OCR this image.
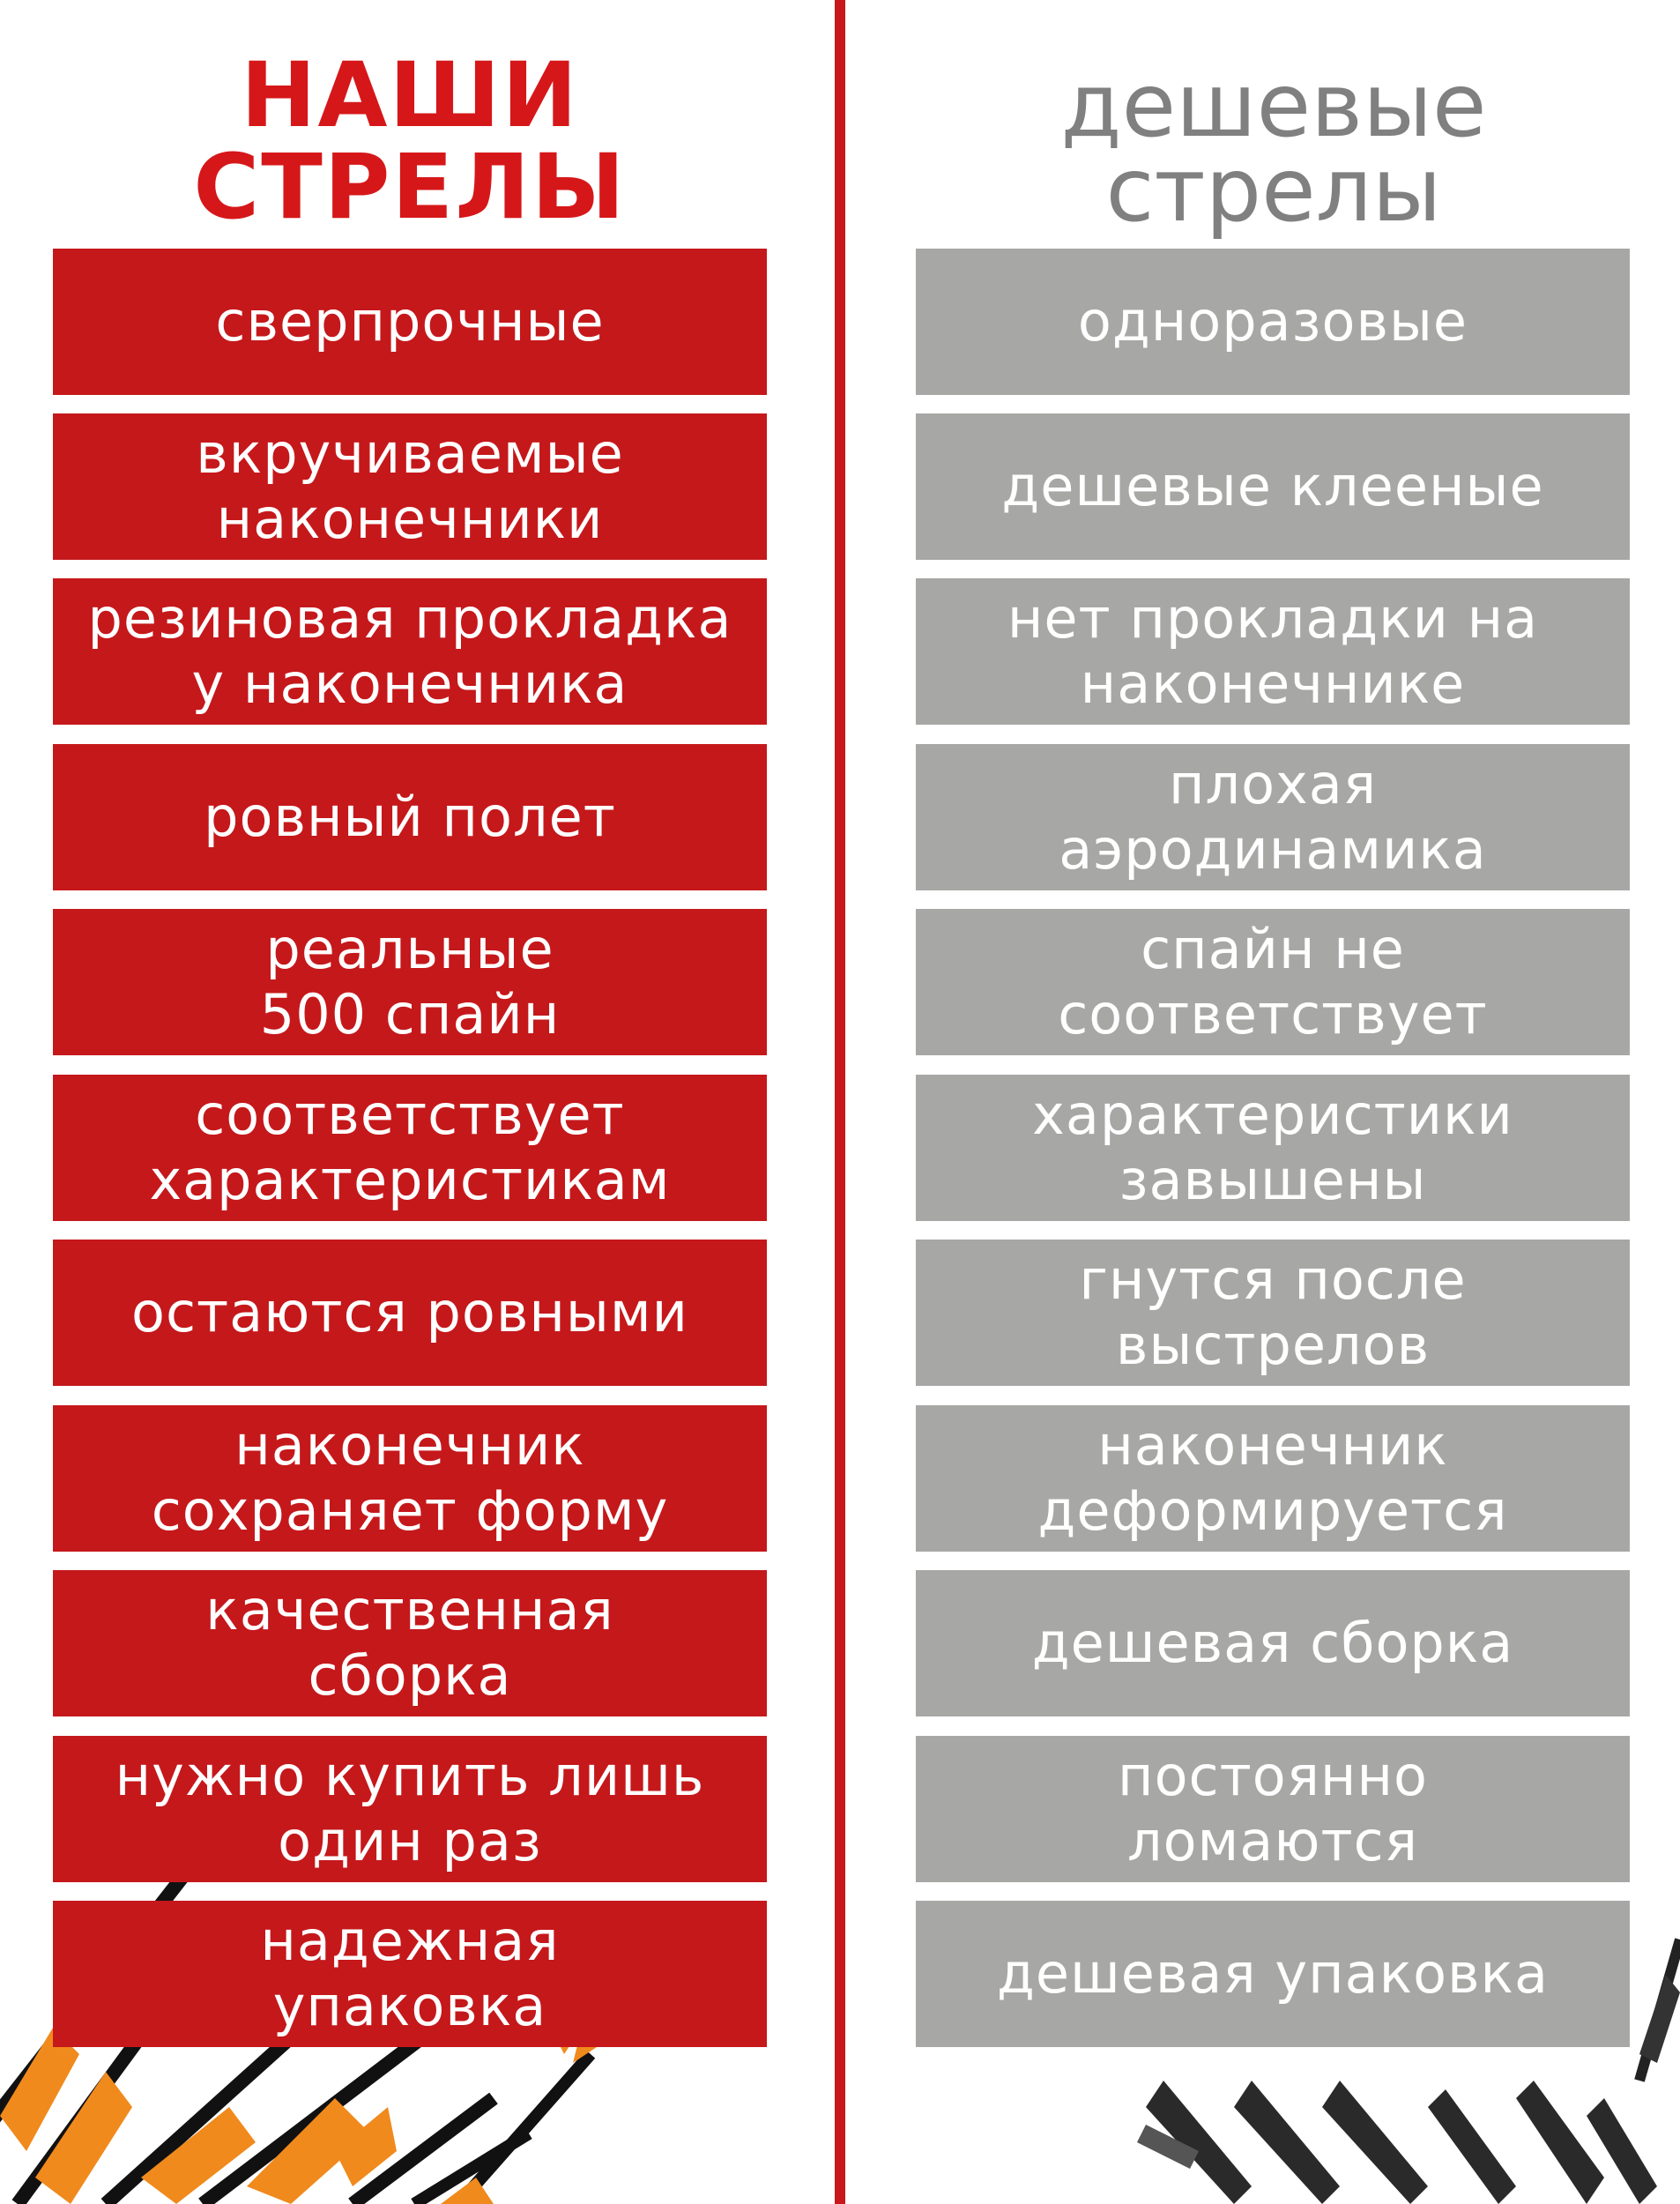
НАШИ
СТРЕЛЫ
дешевые
стрелы
сверпрочные
вкручиваемые
наконечники
резиновая прокладка
у наконечника
ровный полет
реальные
500 спайн
соответствует
характеристикам
остаются ровными
наконечник
сохраняет форму
качественная
сборка
нужно купить лишь
один раз
надежная
упаковка
одноразовые
дешевые клееные
нет прокладки на
наконечнике
плохая
аэродинамика
спайн не
соответствует
характеристики
завышены
гнутся после
выстрелов
наконечник
деформируется
дешевая сборка
постоянно
ломаются
дешевая упаковка
